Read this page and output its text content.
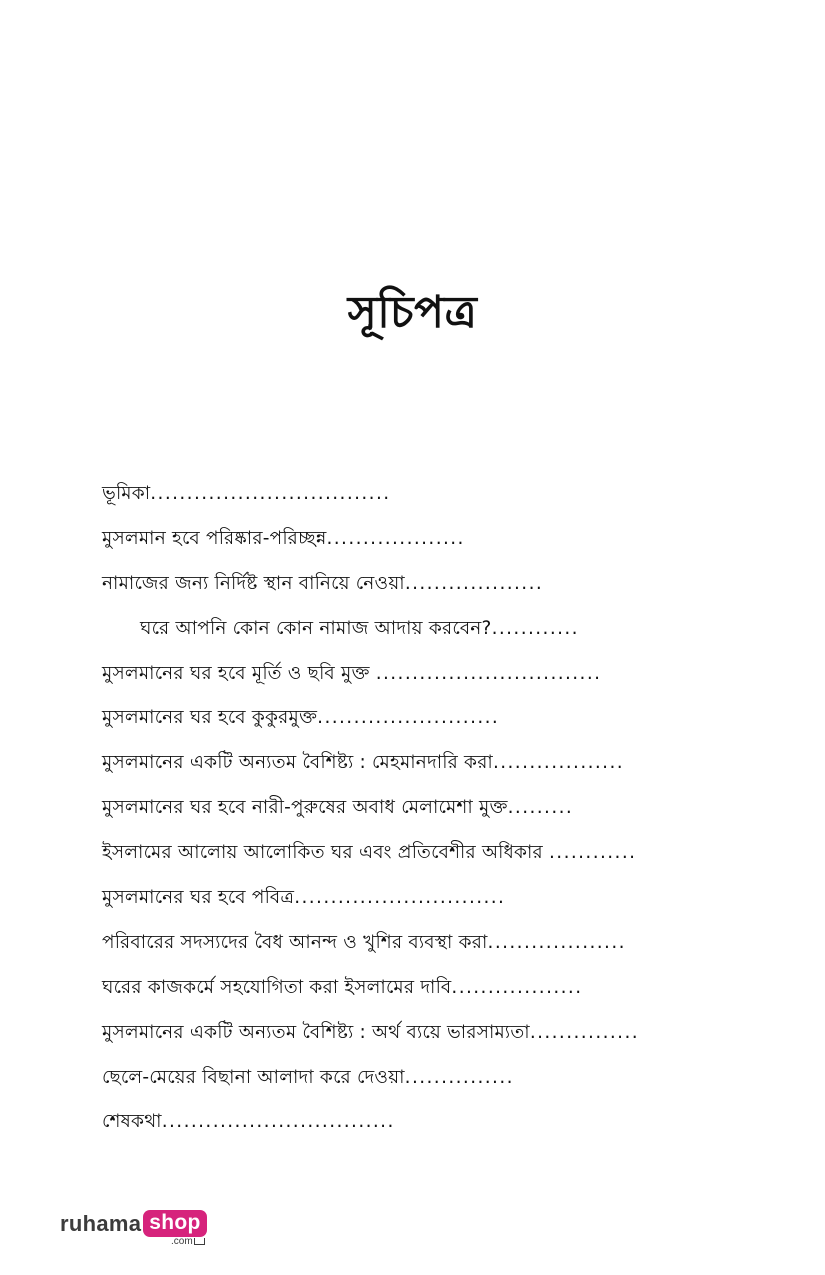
সূচিপত্র
ভূমিকা.................................
মুসলমান হবে পরিষ্কার-পরিচ্ছন্ন...................
নামাজের জন্য নির্দিষ্ট স্থান বানিয়ে নেওয়া...................
ঘরে আপনি কোন কোন নামাজ আদায় করবেন?............
মুসলমানের ঘর হবে মূর্তি ও ছবি মুক্ত ...............................
মুসলমানের ঘর হবে কুকুরমুক্ত.........................
মুসলমানের একটি অন্যতম বৈশিষ্ট্য : মেহমানদারি করা..................
মুসলমানের ঘর হবে নারী-পুরুষের অবাধ মেলামেশা মুক্ত.........
ইসলামের আলোয় আলোকিত ঘর এবং প্রতিবেশীর অধিকার ............
মুসলমানের ঘর হবে পবিত্র.............................
পরিবারের সদস্যদের বৈধ আনন্দ ও খুশির ব্যবস্থা করা...................
ঘরের কাজকর্মে সহযোগিতা করা ইসলামের দাবি..................
মুসলমানের একটি অন্যতম বৈশিষ্ট্য : অর্থ ব্যয়ে ভারসাম্যতা...............
ছেলে-মেয়ের বিছানা আলাদা করে দেওয়া...............
শেষকথা................................
ruhama shop
.com
